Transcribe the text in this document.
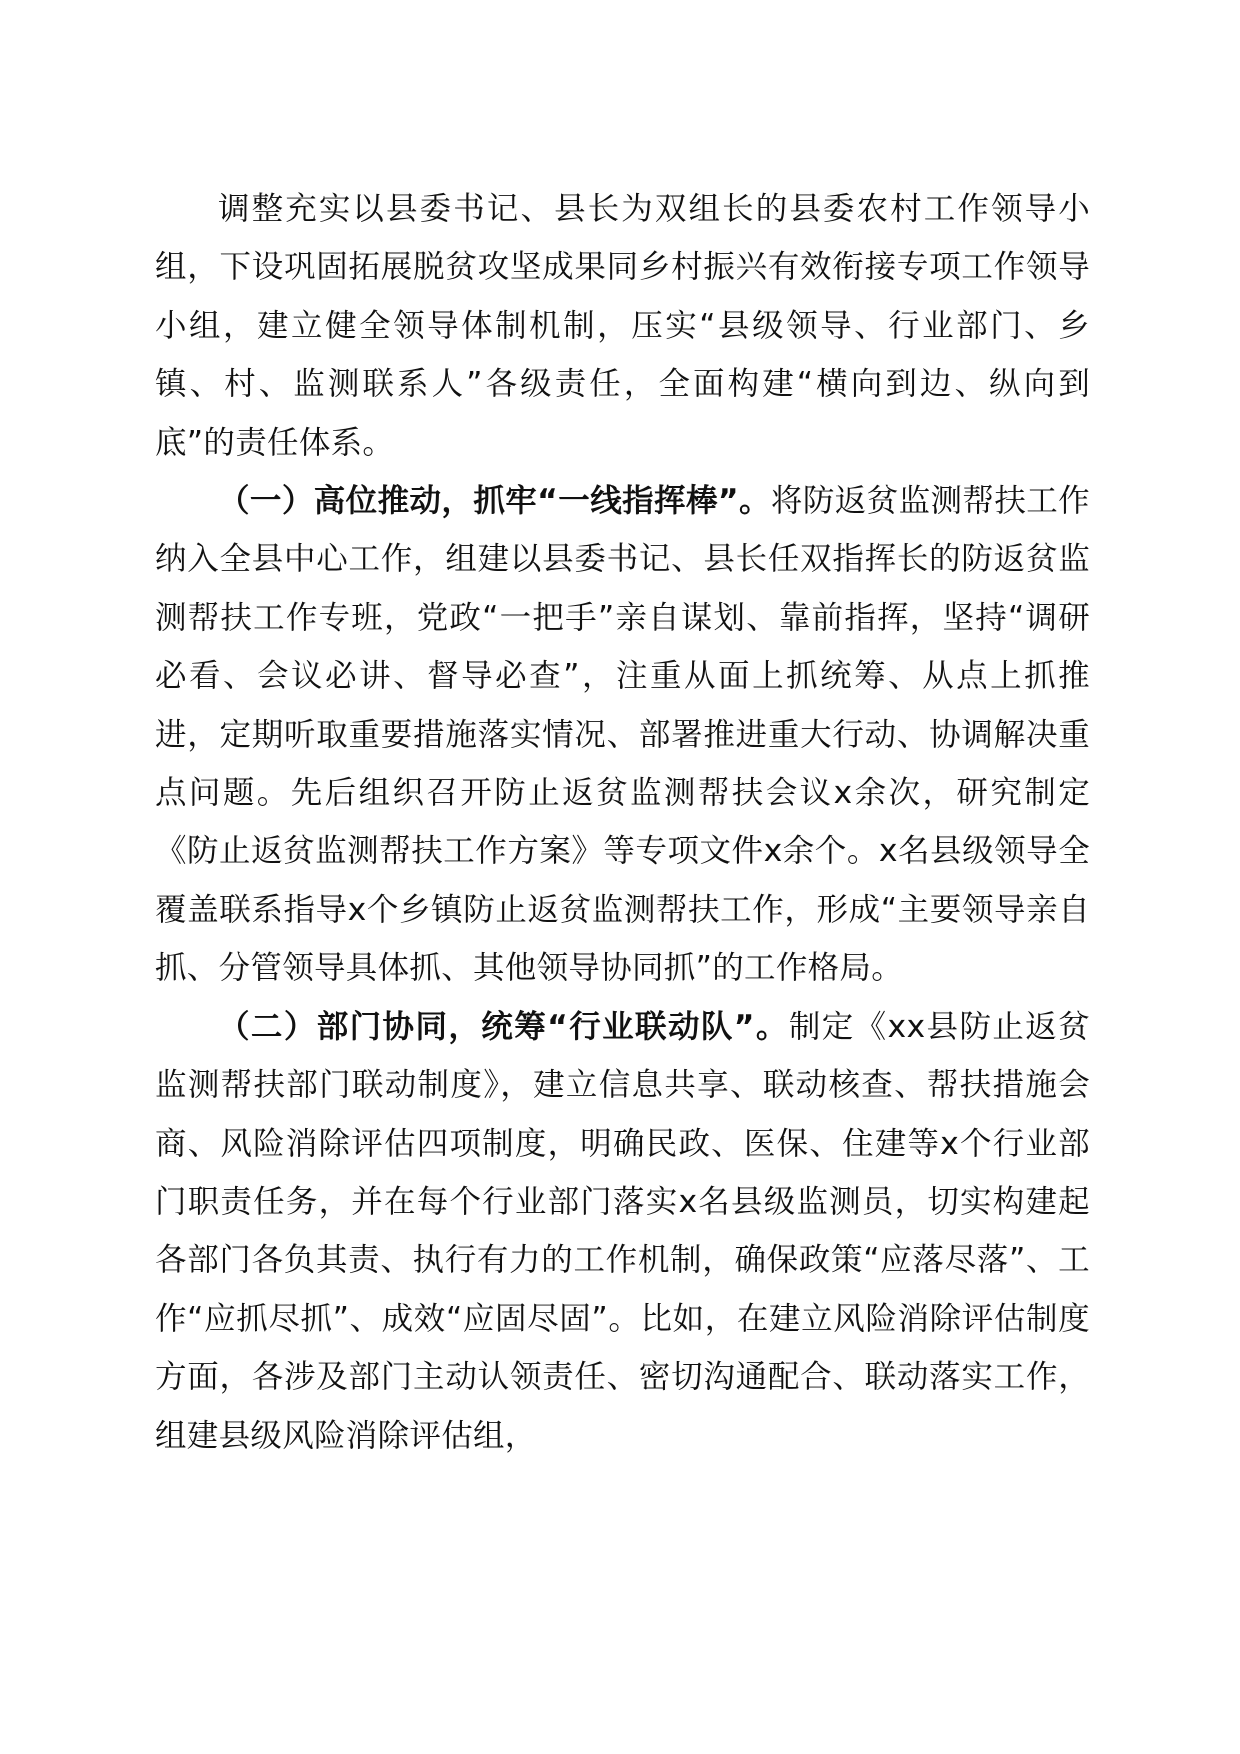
调整充实以县委书记、县长为双组长的县委农村工作领导小组，下设巩固拓展脱贫攻坚成果同乡村振兴有效衔接专项工作领导小组，建立健全领导体制机制，压实“县级领导、行业部门、乡镇、村、监测联系人”各级责任，全面构建“横向到边、纵向到底”的责任体系。

（一）高位推动，抓牢“一线指挥棒”。将防返贫监测帮扶工作纳入全县中心工作，组建以县委书记、县长任双指挥长的防返贫监测帮扶工作专班，党政“一把手”亲自谋划、靠前指挥，坚持“调研必看、会议必讲、督导必查”，注重从面上抓统筹、从点上抓推进，定期听取重要措施落实情况、部署推进重大行动、协调解决重点问题。先后组织召开防止返贫监测帮扶会议x余次，研究制定《防止返贫监测帮扶工作方案》等专项文件x余个。x名县级领导全覆盖联系指导x个乡镇防止返贫监测帮扶工作，形成“主要领导亲自抓、分管领导具体抓、其他领导协同抓”的工作格局。

（二）部门协同，统筹“行业联动队”。制定《xx县防止返贫监测帮扶部门联动制度》，建立信息共享、联动核查、帮扶措施会商、风险消除评估四项制度，明确民政、医保、住建等x个行业部门职责任务，并在每个行业部门落实x名县级监测员，切实构建起各部门各负其责、执行有力的工作机制，确保政策“应落尽落”、工作“应抓尽抓”、成效“应固尽固”。比如，在建立风险消除评估制度方面，各涉及部门主动认领责任、密切沟通配合、联动落实工作，组建县级风险消除评估组，
